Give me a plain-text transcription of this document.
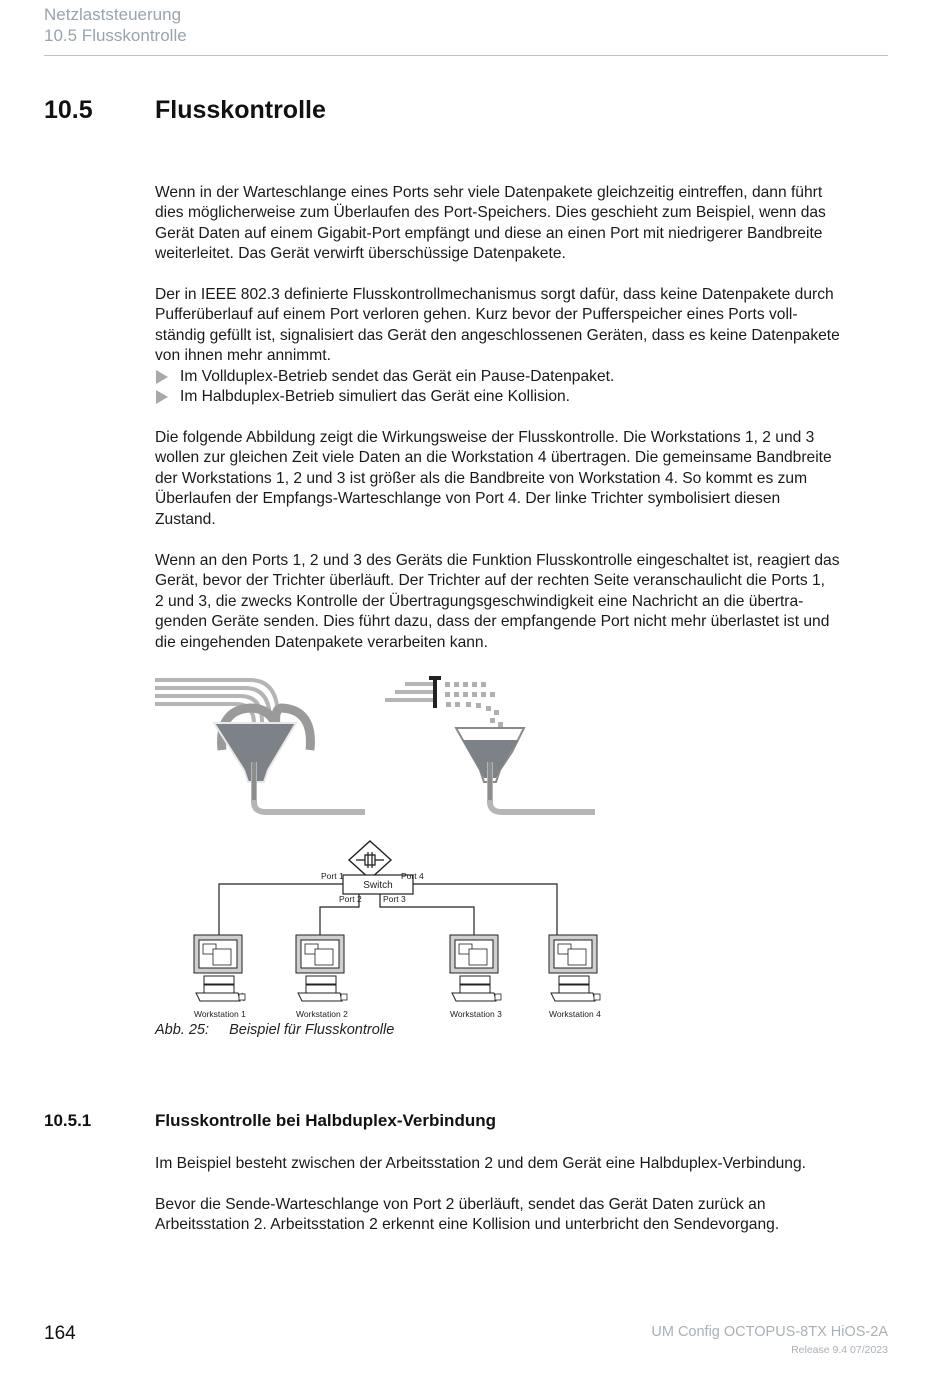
Netzlaststeuerung
10.5 Flusskontrolle
10.5 Flusskontrolle

Wenn in der Warteschlange eines Ports sehr viele Datenpakete gleichzeitig eintreffen, dann führt

dies möglicherweise zum Überlaufen des Port-Speichers. Dies geschieht zum Beispiel, wenn das

Gerät Daten auf einem Gigabit-Port empfängt und diese an einen Port mit niedrigerer Bandbreite

weiterleitet. Das Gerät verwirft überschüssige Datenpakete.

Der in IEEE 802.3 definierte Flusskontrollmechanismus sorgt dafür, dass keine Datenpakete durch

Pufferüberlauf auf einem Port verloren gehen. Kurz bevor der Pufferspeicher eines Ports voll-

ständig gefüllt ist, signalisiert das Gerät den angeschlossenen Geräten, dass es keine Datenpakete

von ihnen mehr annimmt.

Im Vollduplex-Betrieb sendet das Gerät ein Pause-Datenpaket.

Im Halbduplex-Betrieb simuliert das Gerät eine Kollision.

Die folgende Abbildung zeigt die Wirkungsweise der Flusskontrolle. Die Workstations 1, 2 und 3

wollen zur gleichen Zeit viele Daten an die Workstation 4 übertragen. Die gemeinsame Bandbreite

der Workstations 1, 2 und 3 ist größer als die Bandbreite von Workstation 4. So kommt es zum

Überlaufen der Empfangs-Warteschlange von Port 4. Der linke Trichter symbolisiert diesen

Zustand.

Wenn an den Ports 1, 2 und 3 des Geräts die Funktion Flusskontrolle eingeschaltet ist, reagiert das

Gerät, bevor der Trichter überläuft. Der Trichter auf der rechten Seite veranschaulicht die Ports 1,

2 und 3, die zwecks Kontrolle der Übertragungsgeschwindigkeit eine Nachricht an die übertra-

genden Geräte senden. Dies führt dazu, dass der empfangende Port nicht mehr überlastet ist und

die eingehenden Datenpakete verarbeiten kann.

Switch
Port 1	Port 4
Port 2	Port 3
Workstation 1	Workstation 2	Workstation 3	Workstation 4
Abb. 25: Beispiel für Flusskontrolle
10.5.1	Flusskontrolle bei Halbduplex-Verbindung

Im Beispiel besteht zwischen der Arbeitsstation 2 und dem Gerät eine Halbduplex-Verbindung.

Bevor die Sende-Warteschlange von Port 2 überläuft, sendet das Gerät Daten zurück an

Arbeitsstation 2. Arbeitsstation 2 erkennt eine Kollision und unterbricht den Sendevorgang.

164	UM Config OCTOPUS-8TX HiOS-2A
Release 9.4 07/2023
